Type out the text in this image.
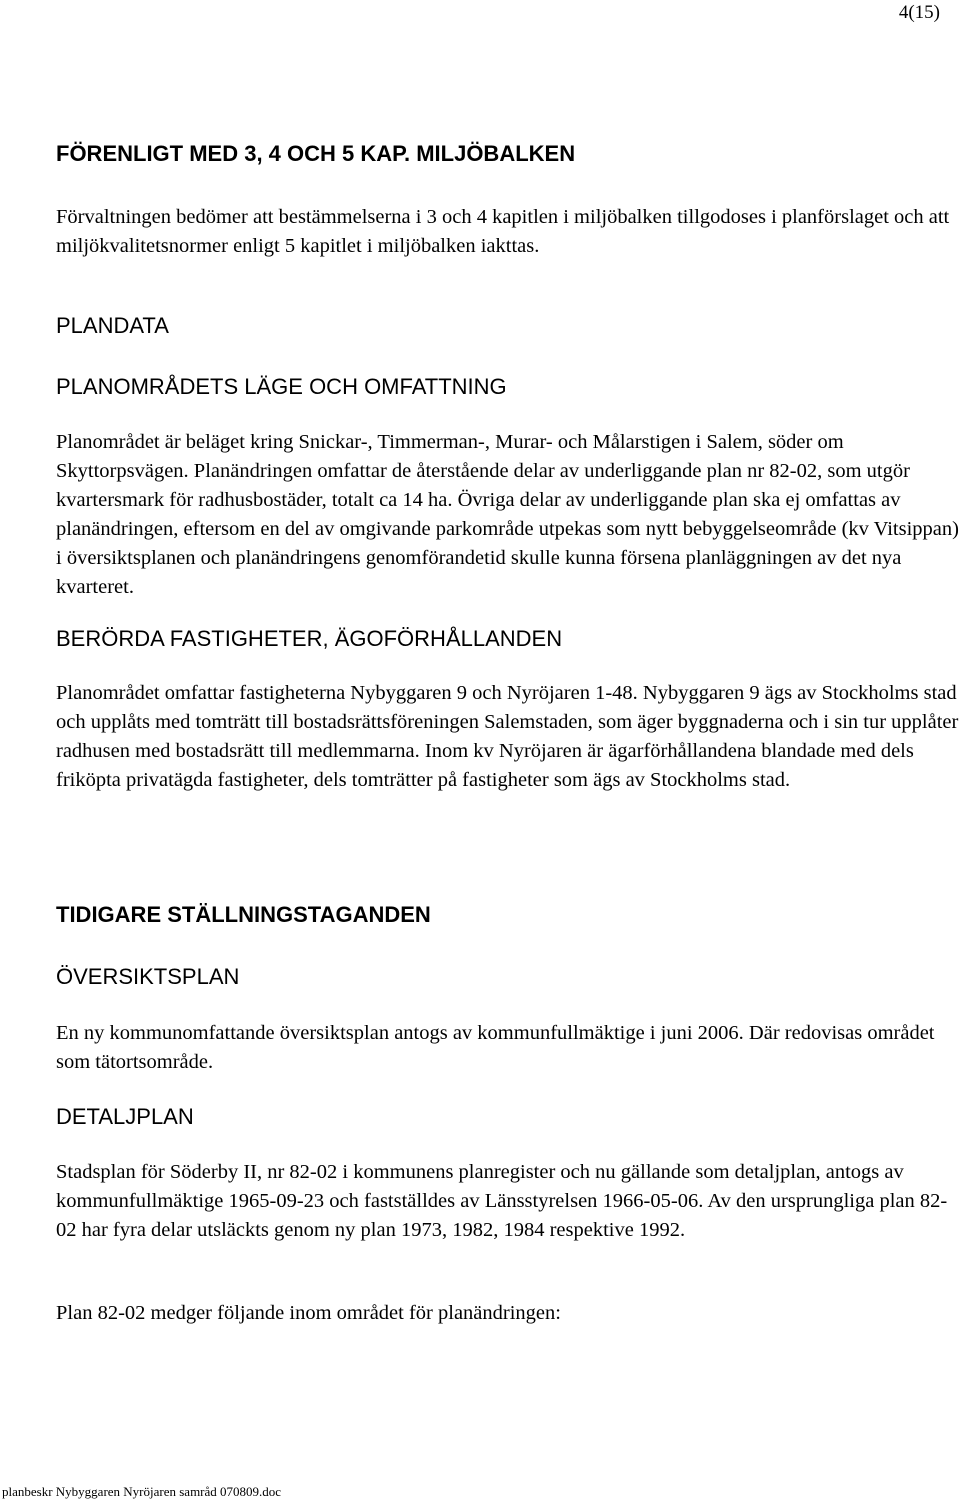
4(15)
FÖRENLIGT MED 3, 4 OCH 5 KAP. MILJÖBALKEN

Förvaltningen bedömer att bestämmelserna i 3 och 4 kapitlen i miljöbalken tillgodoses i planförslaget och att miljökvalitetsnormer enligt 5 kapitlet i miljöbalken iakttas.

PLANDATA
PLANOMRÅDETS LÄGE OCH OMFATTNING

Planområdet är beläget kring Snickar-, Timmerman-, Murar- och Målarstigen i Salem, söder om Skyttorpsvägen. Planändringen omfattar de återstående delar av underliggande plan nr 82-02, som utgör kvartersmark för radhusbostäder, totalt ca 14 ha. Övriga delar av underliggande plan ska ej omfattas av planändringen, eftersom en del av omgivande parkområde utpekas som nytt bebyggelseområde (kv Vitsippan) i översiktsplanen och planändringens genomförandetid skulle kunna försena planläggningen av det nya kvarteret.

BERÖRDA FASTIGHETER, ÄGOFÖRHÅLLANDEN

Planområdet omfattar fastigheterna Nybyggaren 9 och Nyröjaren 1-48. Nybyggaren 9 ägs av Stockholms stad och upplåts med tomträtt till bostadsrättsföreningen Salemstaden, som äger byggnaderna och i sin tur upplåter radhusen med bostadsrätt till medlemmarna. Inom kv Nyröjaren är ägarförhållandena blandade med dels friköpta privatägda fastigheter, dels tomträtter på fastigheter som ägs av Stockholms stad.

TIDIGARE STÄLLNINGSTAGANDEN
ÖVERSIKTSPLAN

En ny kommunomfattande översiktsplan antogs av kommunfullmäktige i juni 2006. Där redovisas området som tätortsområde.

DETALJPLAN

Stadsplan för Söderby II, nr 82-02 i kommunens planregister och nu gällande som detaljplan, antogs av kommunfullmäktige 1965-09-23 och fastställdes av Länsstyrelsen 1966-05-06. Av den ursprungliga plan 82-02 har fyra delar utsläckts genom ny plan 1973, 1982, 1984 respektive 1992.

Plan 82-02 medger följande inom området för planändringen:

planbeskr Nybyggaren Nyröjaren samråd 070809.doc
